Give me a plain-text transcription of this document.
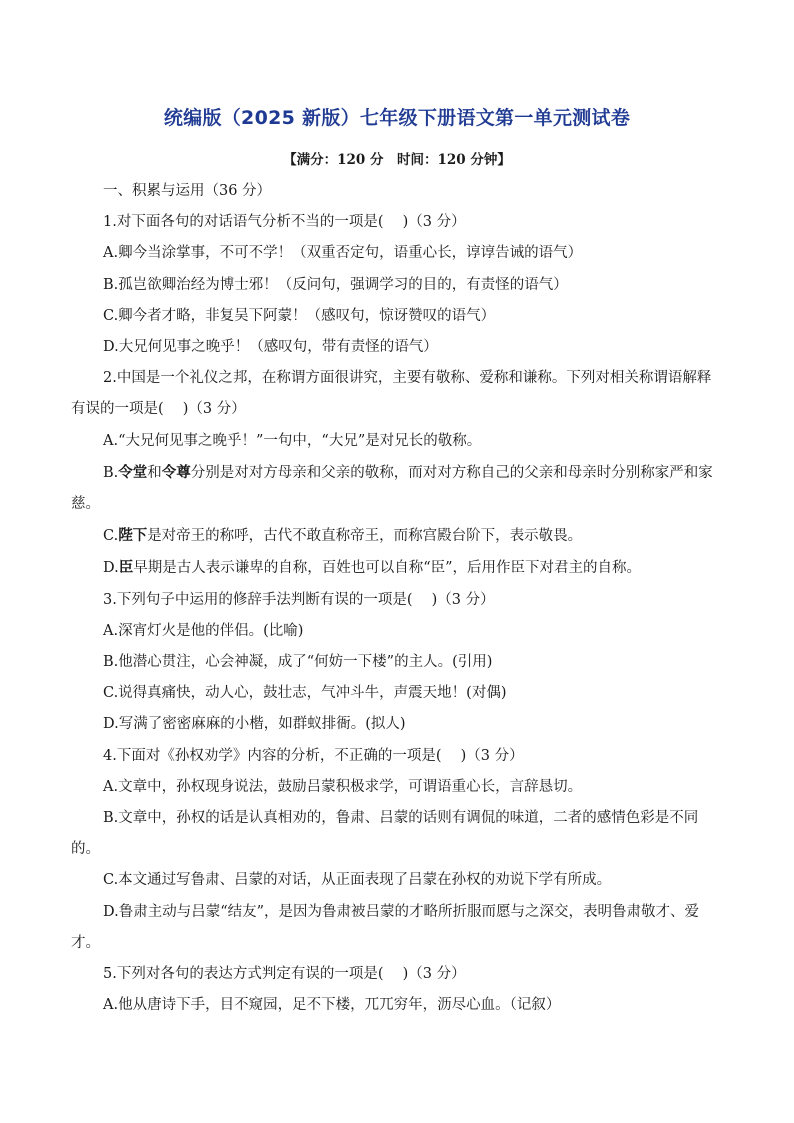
统编版（2025 新版）七年级下册语文第一单元测试卷
【满分：120 分　时间：120 分钟】

一、积累与运用（36 分）

1.对下面各句的对话语气分析不当的一项是(　 )（3 分）

A.卿今当涂掌事，不可不学！（双重否定句，语重心长，谆谆告诫的语气）

B.孤岂欲卿治经为博士邪！（反问句，强调学习的目的，有责怪的语气）

C.卿今者才略，非复吴下阿蒙！（感叹句，惊讶赞叹的语气）

D.大兄何见事之晚乎！（感叹句，带有责怪的语气）

2.中国是一个礼仪之邦，在称谓方面很讲究，主要有敬称、爱称和谦称。下列对相关称谓语解释有误的一项是(　 )（3 分）

A.“大兄何见事之晚乎！”一句中，“大兄”是对兄长的敬称。

B.令堂和令尊分别是对对方母亲和父亲的敬称，而对对方称自己的父亲和母亲时分别称家严和家慈。

C.陛下是对帝王的称呼，古代不敢直称帝王，而称宫殿台阶下，表示敬畏。

D.臣早期是古人表示谦卑的自称，百姓也可以自称“臣”，后用作臣下对君主的自称。

3.下列句子中运用的修辞手法判断有误的一项是(　 )（3 分）

A.深宵灯火是他的伴侣。(比喻)

B.他潜心贯注，心会神凝，成了“何妨一下楼”的主人。(引用)

C.说得真痛快，动人心，鼓壮志，气冲斗牛，声震天地！(对偶)

D.写满了密密麻麻的小楷，如群蚁排衙。(拟人)

4.下面对《孙权劝学》内容的分析，不正确的一项是(　 )（3 分）

A.文章中，孙权现身说法，鼓励吕蒙积极求学，可谓语重心长，言辞恳切。

B.文章中，孙权的话是认真相劝的，鲁肃、吕蒙的话则有调侃的味道，二者的感情色彩是不同的。

C.本文通过写鲁肃、吕蒙的对话，从正面表现了吕蒙在孙权的劝说下学有所成。

D.鲁肃主动与吕蒙“结友”，是因为鲁肃被吕蒙的才略所折服而愿与之深交，表明鲁肃敬才、爱才。

5.下列对各句的表达方式判定有误的一项是(　 )（3 分）

A.他从唐诗下手，目不窥园，足不下楼，兀兀穷年，沥尽心血。（记叙）
